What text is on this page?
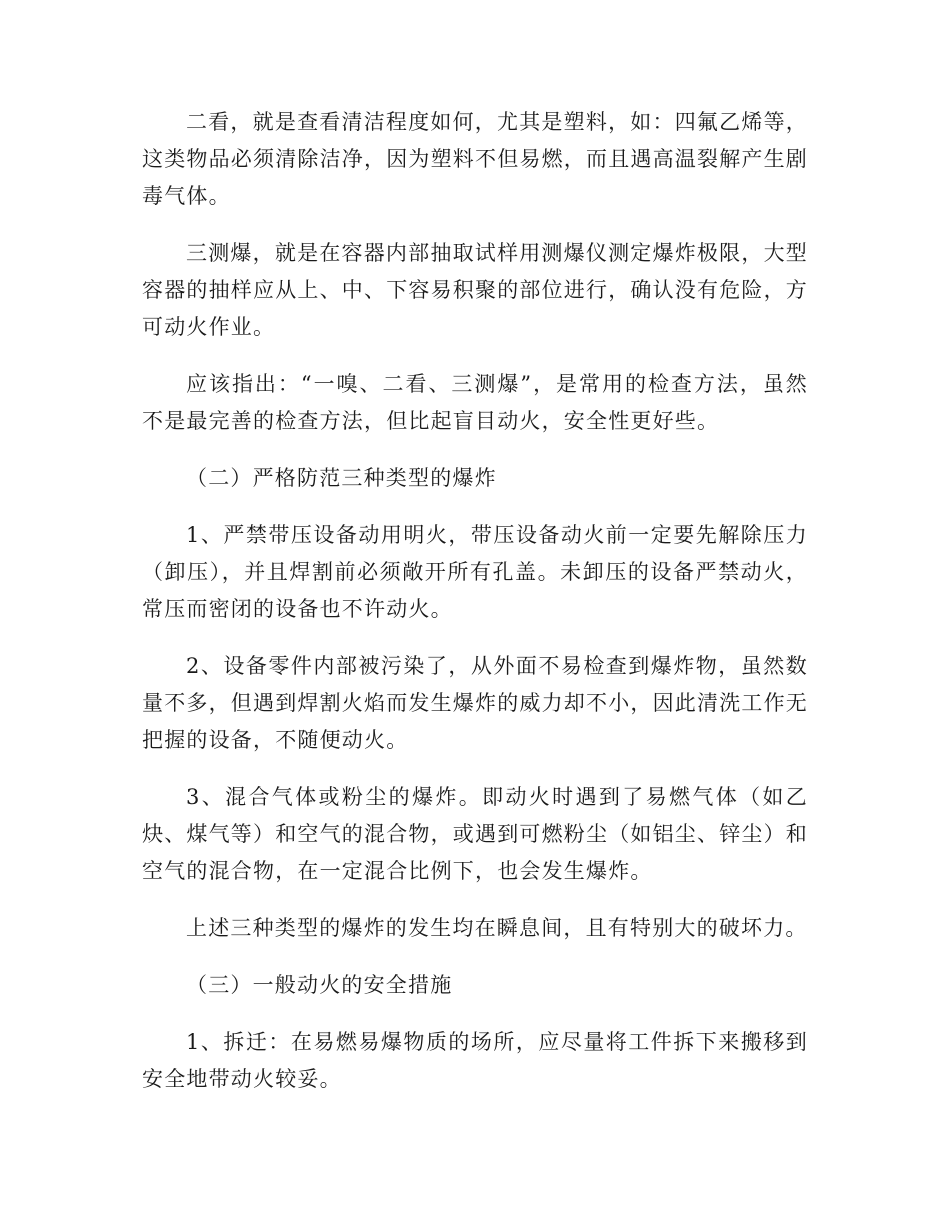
二看，就是查看清洁程度如何，尤其是塑料，如：四氟乙烯等，这类物品必须清除洁净，因为塑料不但易燃，而且遇高温裂解产生剧毒气体。

三测爆，就是在容器内部抽取试样用测爆仪测定爆炸极限，大型容器的抽样应从上、中、下容易积聚的部位进行，确认没有危险，方可动火作业。

应该指出：“一嗅、二看、三测爆”，是常用的检查方法，虽然不是最完善的检查方法，但比起盲目动火，安全性更好些。

（二）严格防范三种类型的爆炸

1、严禁带压设备动用明火，带压设备动火前一定要先解除压力（卸压），并且焊割前必须敞开所有孔盖。未卸压的设备严禁动火，常压而密闭的设备也不许动火。

2、设备零件内部被污染了，从外面不易检查到爆炸物，虽然数量不多，但遇到焊割火焰而发生爆炸的威力却不小，因此清洗工作无把握的设备，不随便动火。

3、混合气体或粉尘的爆炸。即动火时遇到了易燃气体（如乙炔、煤气等）和空气的混合物，或遇到可燃粉尘（如铝尘、锌尘）和空气的混合物，在一定混合比例下，也会发生爆炸。

上述三种类型的爆炸的发生均在瞬息间，且有特别大的破坏力。

（三）一般动火的安全措施

1、拆迁：在易燃易爆物质的场所，应尽量将工件拆下来搬移到安全地带动火较妥。
